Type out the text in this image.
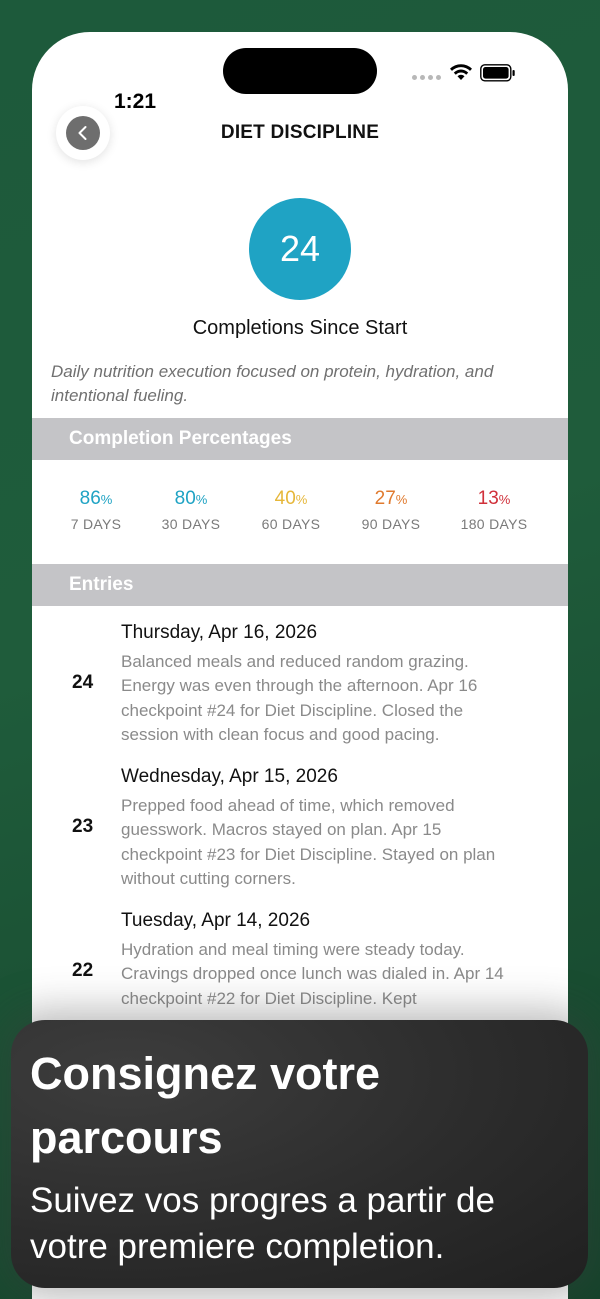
1:21
DIET DISCIPLINE
24
Completions Since Start
Daily nutrition execution focused on protein, hydration, and intentional fueling.
Completion Percentages
86%
7 DAYS
80%
30 DAYS
40%
60 DAYS
27%
90 DAYS
13%
180 DAYS
Entries
24
Thursday, Apr 16, 2026
Balanced meals and reduced random grazing. Energy was even through the afternoon. Apr 16 checkpoint #24 for Diet Discipline. Closed the session with clean focus and good pacing.
23
Wednesday, Apr 15, 2026
Prepped food ahead of time, which removed guesswork. Macros stayed on plan. Apr 15 checkpoint #23 for Diet Discipline. Stayed on plan without cutting corners.
22
Tuesday, Apr 14, 2026
Hydration and meal timing were steady today. Cravings dropped once lunch was dialed in. Apr 14 checkpoint #22 for Diet Discipline. Kept
Consignez votre parcours
Suivez vos progres a partir de votre premiere completion.
